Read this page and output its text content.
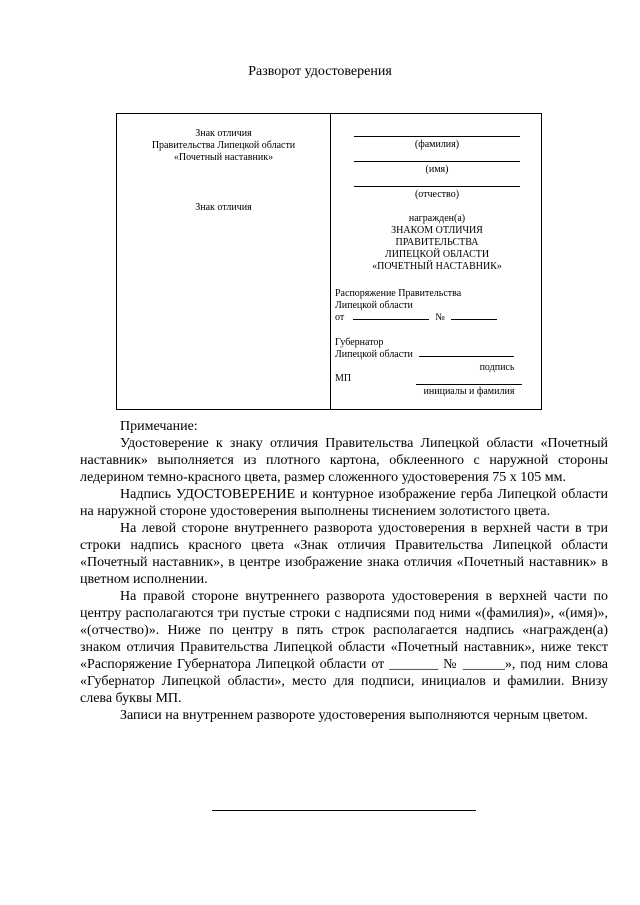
Разворот удостоверения
Знак отличия
Правительства Липецкой области
«Почетный наставник»
Знак отличия
(фамилия)
(имя)
(отчество)
награжден(а)
ЗНАКОМ ОТЛИЧИЯ
ПРАВИТЕЛЬСТВА
ЛИПЕЦКОЙ ОБЛАСТИ
«ПОЧЕТНЫЙ НАСТАВНИК»
Распоряжение Правительства
Липецкой области
от	№
Губернатор
Липецкой области
подпись
МП
инициалы и фамилия

Примечание:

Удостоверение к знаку отличия Правительства Липецкой области «Почетный наставник» выполняется из плотного картона, обклеенного с наружной стороны ледерином темно-красного цвета, размер сложенного удостоверения 75 х 105 мм.

Надпись УДОСТОВЕРЕНИЕ и контурное изображение герба Липецкой области на наружной стороне удостоверения выполнены тиснением золотистого цвета.

На левой стороне внутреннего разворота удостоверения в верхней части в три строки надпись красного цвета «Знак отличия Правительства Липецкой области «Почетный наставник», в центре изображение знака отличия «Почетный наставник» в цветном исполнении.

На правой стороне внутреннего разворота удостоверения в верхней части по центру располагаются три пустые строки с надписями под ними «(фамилия)», «(имя)», «(отчество)». Ниже по центру в пять строк располагается надпись «награжден(а) знаком отличия Правительства Липецкой области «Почетный наставник», ниже текст «Распоряжение Губернатора Липецкой области от _______ № ______», под ним слова «Губернатор Липецкой области», место для подписи, инициалов и фамилии. Внизу слева буквы МП.

Записи на внутреннем развороте удостоверения выполняются черным цветом.
